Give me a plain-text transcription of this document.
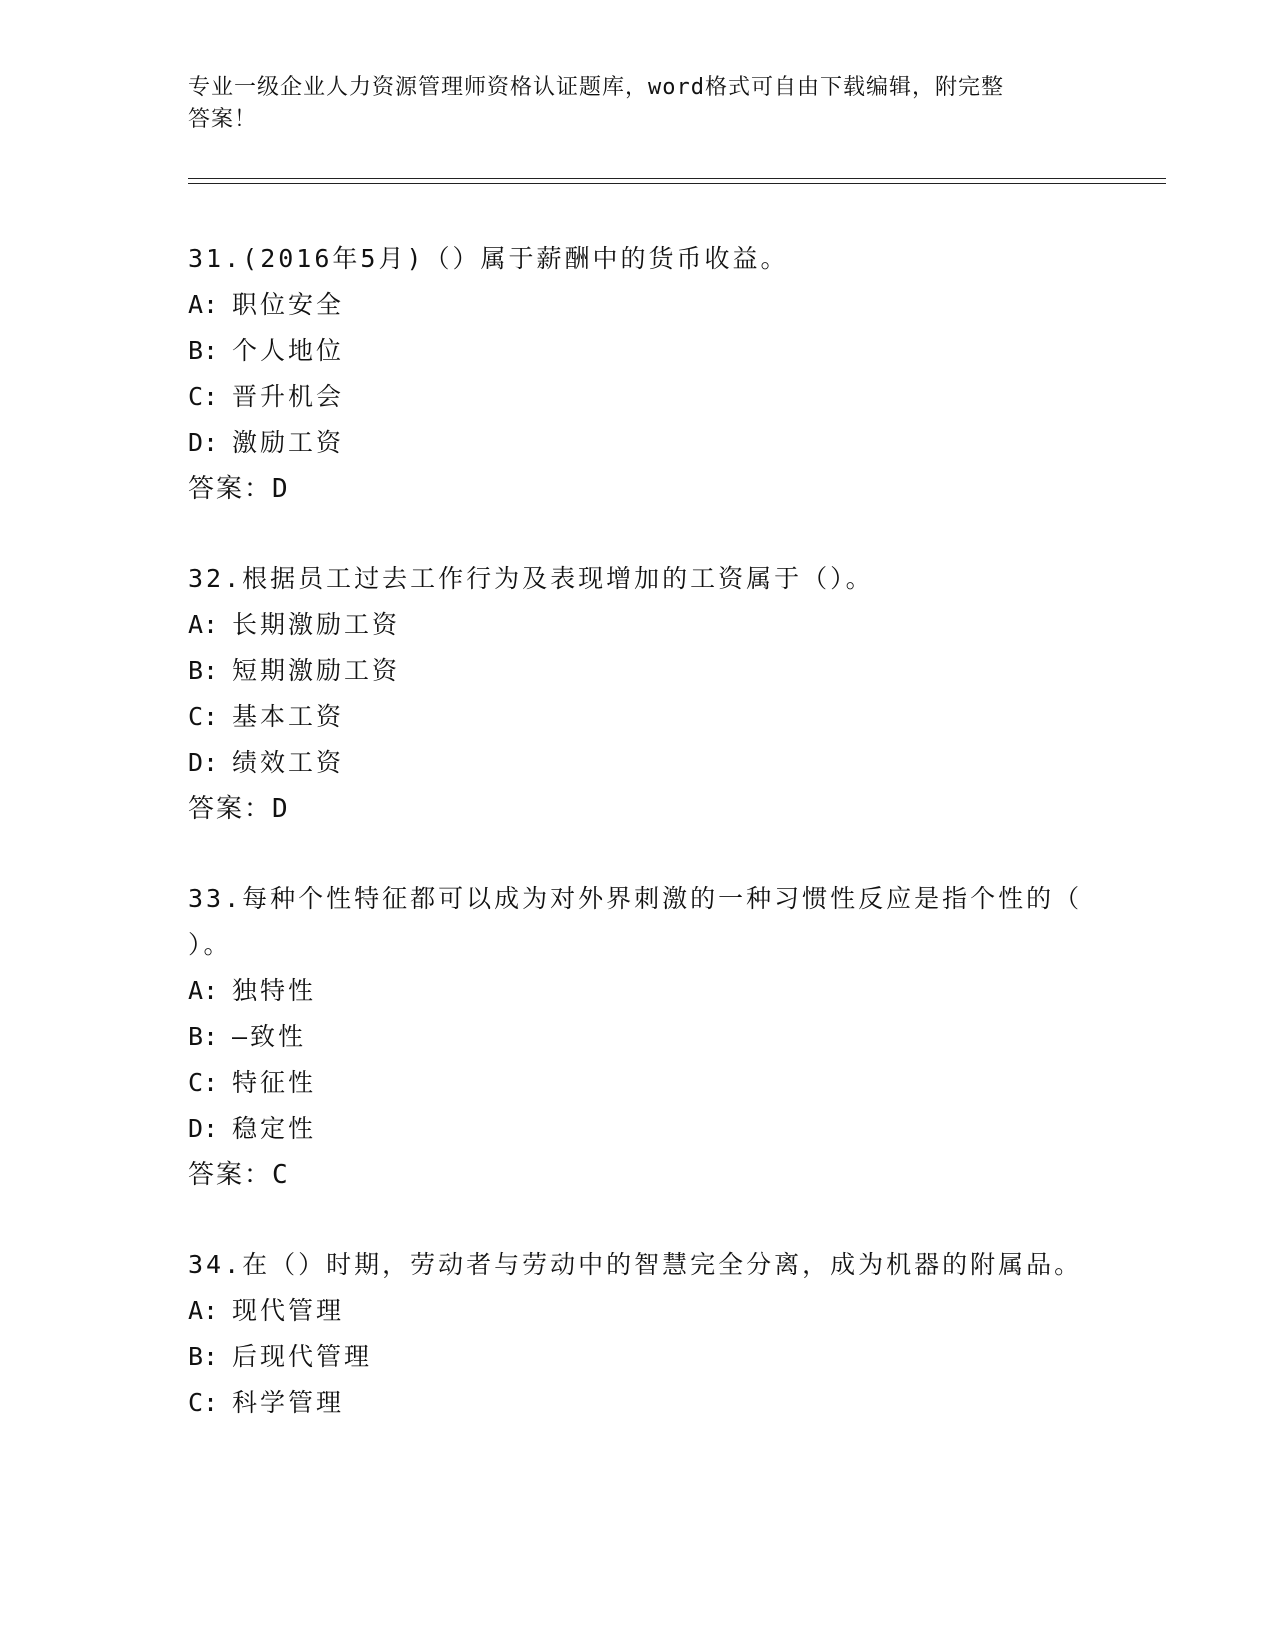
专业一级企业人力资源管理师资格认证题库，word格式可自由下载编辑，附完整
答案！

31.(2016年5月)（）属于薪酬中的货币收益。

A: 职位安全

B: 个人地位

C: 晋升机会

D: 激励工资

答案：D

32.根据员工过去工作行为及表现增加的工资属于（）。

A: 长期激励工资

B: 短期激励工资

C: 基本工资

D: 绩效工资

答案：D

33.每种个性特征都可以成为对外界刺激的一种习惯性反应是指个性的（ ）。

A: 独特性

B: —致性

C: 特征性

D: 稳定性

答案：C

34.在（）时期，劳动者与劳动中的智慧完全分离，成为机器的附属品。

A: 现代管理

B: 后现代管理

C: 科学管理
